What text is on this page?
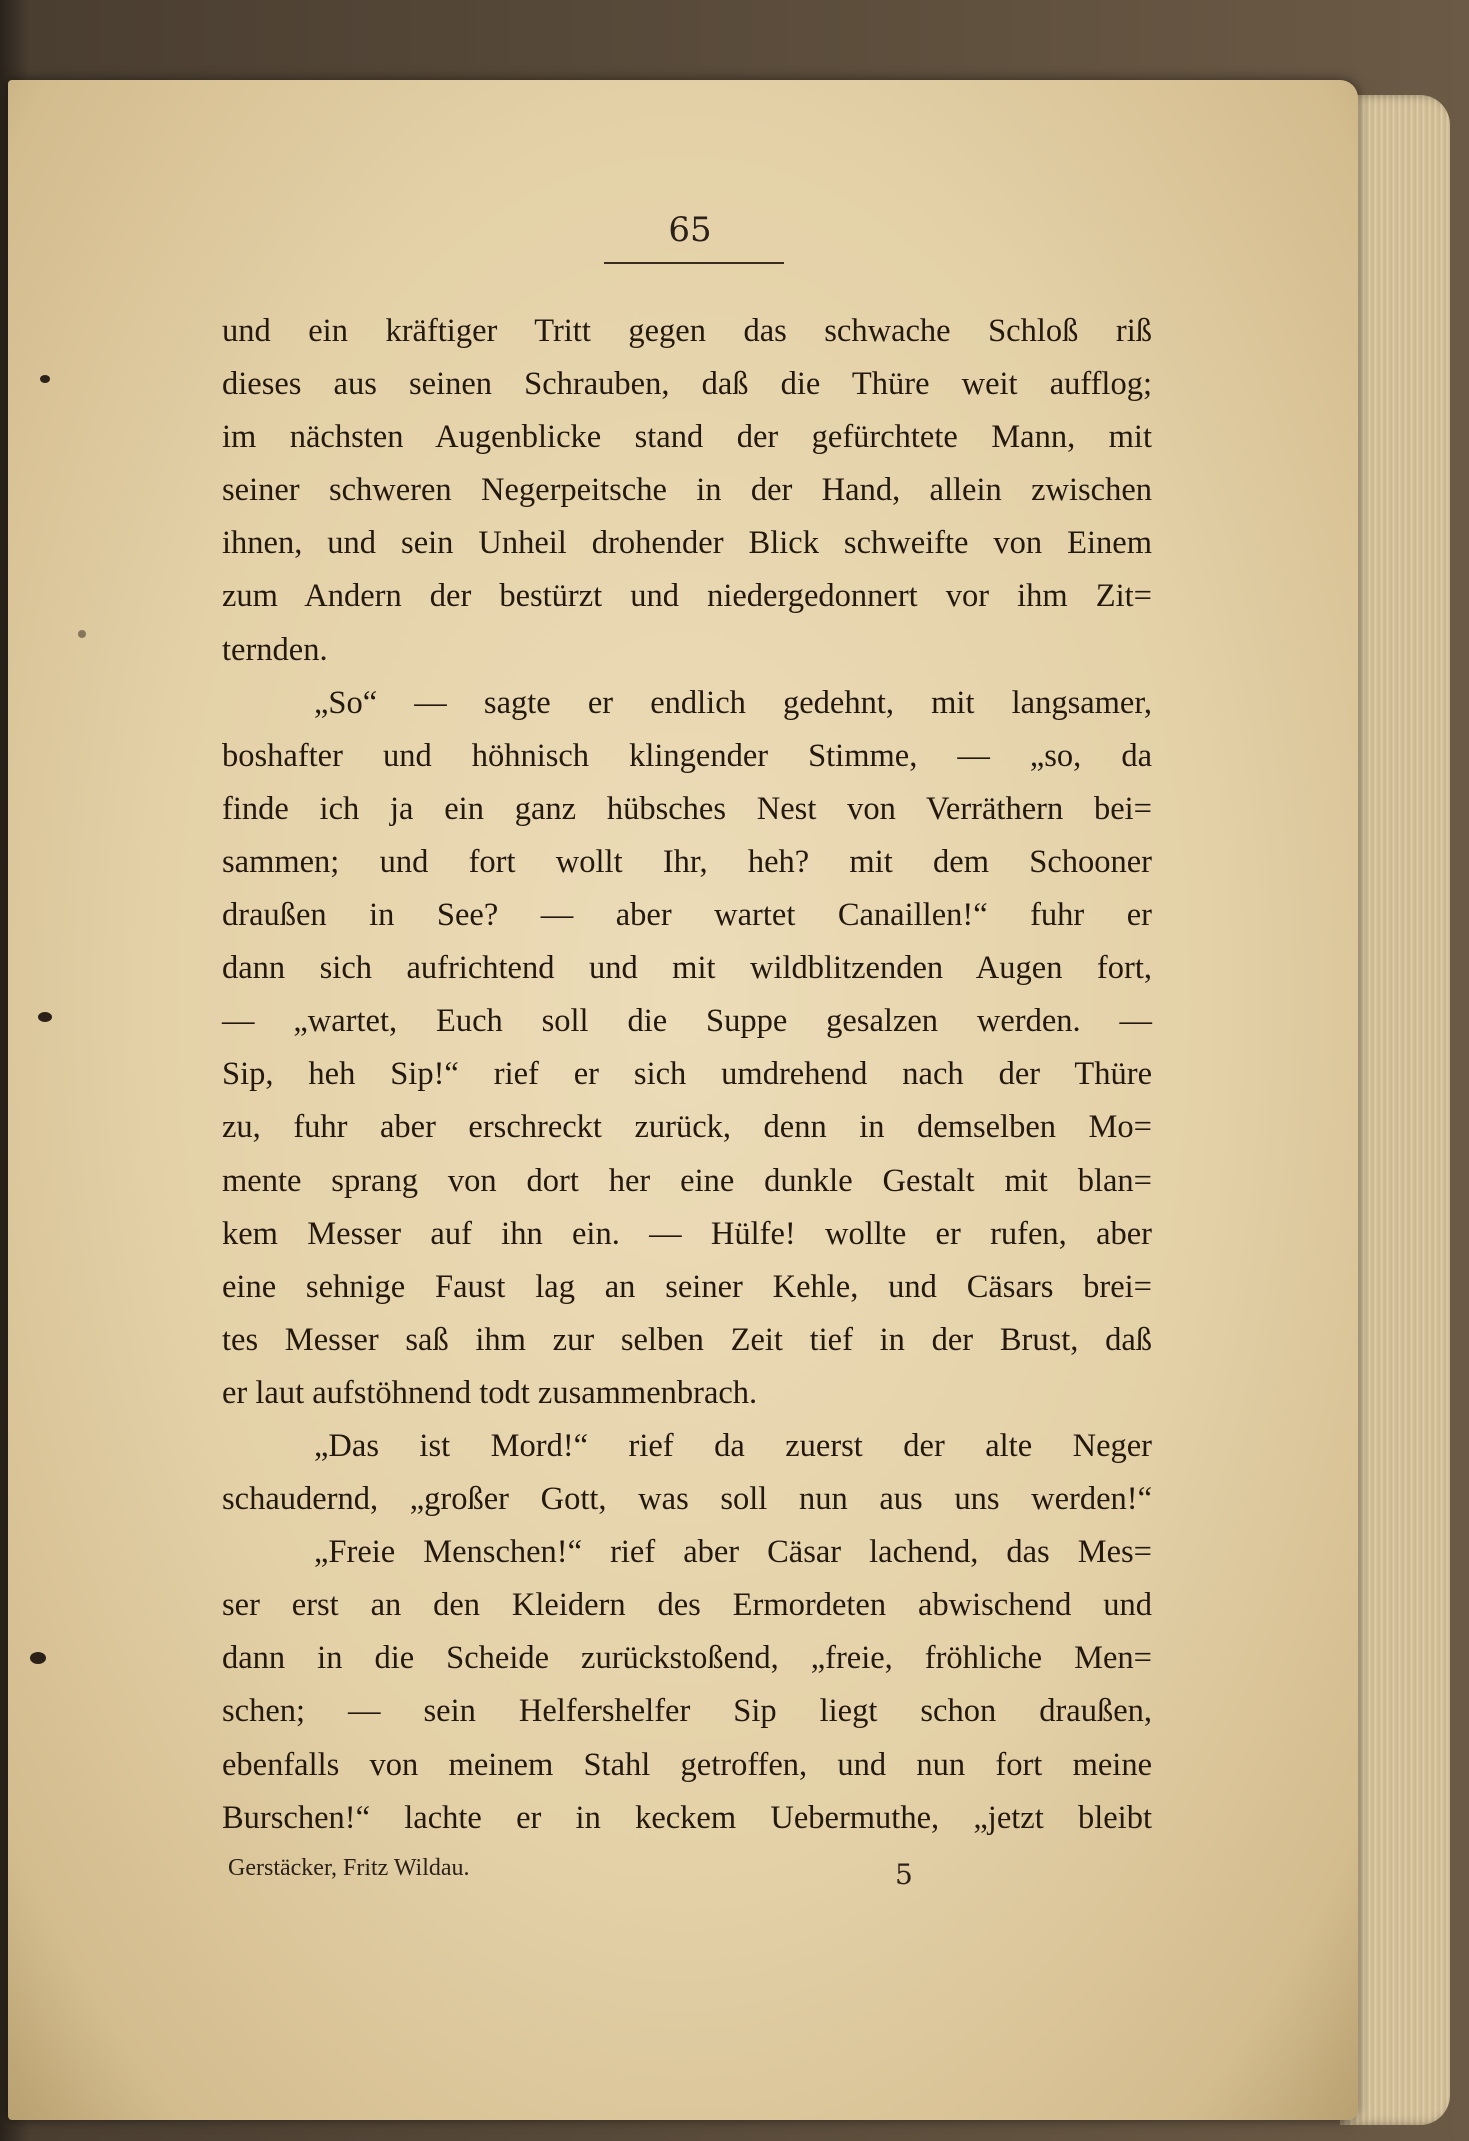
65
und ein kräftiger Tritt gegen das schwache Schloß riß
dieses aus seinen Schrauben, daß die Thüre weit aufflog;
im nächsten Augenblicke stand der gefürchtete Mann, mit
seiner schweren Negerpeitsche in der Hand, allein zwischen
ihnen, und sein Unheil drohender Blick schweifte von Einem
zum Andern der bestürzt und niedergedonnert vor ihm Zit=
ternden.
„So“ — sagte er endlich gedehnt, mit langsamer,
boshafter und höhnisch klingender Stimme, — „so, da
finde ich ja ein ganz hübsches Nest von Verräthern bei=
sammen; und fort wollt Ihr, heh? mit dem Schooner
draußen in See? — aber wartet Canaillen!“ fuhr er
dann sich aufrichtend und mit wildblitzenden Augen fort,
— „wartet, Euch soll die Suppe gesalzen werden. —
Sip, heh Sip!“ rief er sich umdrehend nach der Thüre
zu, fuhr aber erschreckt zurück, denn in demselben Mo=
mente sprang von dort her eine dunkle Gestalt mit blan=
kem Messer auf ihn ein. — Hülfe! wollte er rufen, aber
eine sehnige Faust lag an seiner Kehle, und Cäsars brei=
tes Messer saß ihm zur selben Zeit tief in der Brust, daß
er laut aufstöhnend todt zusammenbrach.
„Das ist Mord!“ rief da zuerst der alte Neger
schaudernd, „großer Gott, was soll nun aus uns werden!“
„Freie Menschen!“ rief aber Cäsar lachend, das Mes=
ser erst an den Kleidern des Ermordeten abwischend und
dann in die Scheide zurückstoßend, „freie, fröhliche Men=
schen; — sein Helfershelfer Sip liegt schon draußen,
ebenfalls von meinem Stahl getroffen, und nun fort meine
Burschen!“ lachte er in keckem Uebermuthe, „jetzt bleibt
Gerstäcker, Fritz Wildau.	5
